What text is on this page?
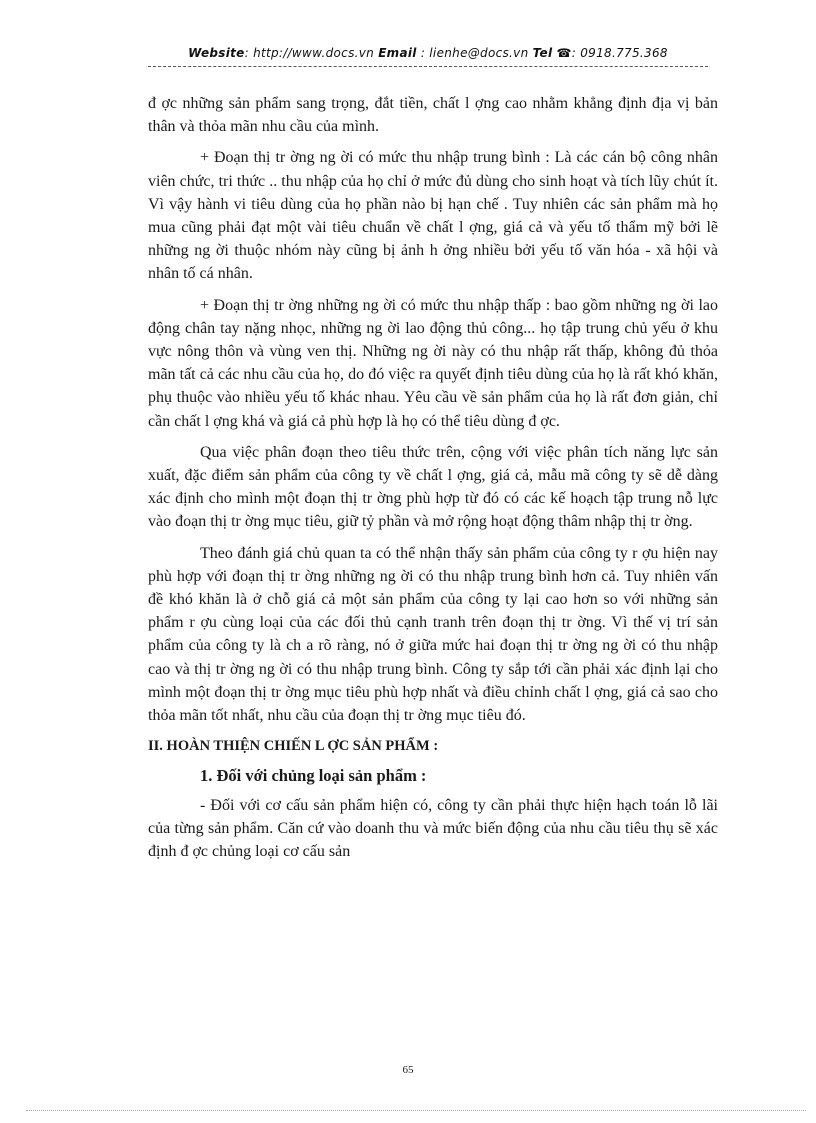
Website: http://www.docs.vn Email : lienhe@docs.vn Tel ☎: 0918.775.368

đ ợc những sản phẩm sang trọng, đắt tiền, chất l ợng cao nhằm khẳng định địa vị bản thân và thỏa mãn nhu cầu của mình.

+ Đoạn thị tr ờng ng ời có mức thu nhập trung bình : Là các cán bộ công nhân viên chức, tri thức .. thu nhập của họ chỉ ở mức đủ dùng cho sinh hoạt và tích lũy chút ít. Vì vậy hành vi tiêu dùng của họ phần nào bị hạn chế . Tuy nhiên các sản phẩm mà họ mua cũng phải đạt một vài tiêu chuẩn về chất l ợng, giá cả và yếu tố thẩm mỹ bởi lẽ những ng ời thuộc nhóm này cũng bị ảnh h ởng nhiều bởi yếu tố văn hóa - xã hội và nhân tố cá nhân.

+ Đoạn thị tr ờng những ng ời có mức thu nhập thấp : bao gồm những ng ời lao động chân tay nặng nhọc, những ng ời lao động thủ công... họ tập trung chủ yếu ở khu vực nông thôn và vùng ven thị. Những ng ời này có thu nhập rất thấp, không đủ thỏa mãn tất cả các nhu cầu của họ, do đó việc ra quyết định tiêu dùng của họ là rất khó khăn, phụ thuộc vào nhiều yếu tố khác nhau. Yêu cầu về sản phẩm của họ là rất đơn giản, chỉ cần chất l ợng khá và giá cả phù hợp là họ có thể tiêu dùng đ ợc.

Qua việc phân đoạn theo tiêu thức trên, cộng với việc phân tích năng lực sản xuất, đặc điểm sản phẩm của công ty về chất l ợng, giá cả, mẫu mã công ty sẽ dễ dàng xác định cho mình một đoạn thị tr ờng phù hợp từ đó có các kế hoạch tập trung nỗ lực vào đoạn thị tr ờng mục tiêu, giữ tỷ phần và mở rộng hoạt động thâm nhập thị tr ờng.

Theo đánh giá chủ quan ta có thể nhận thấy sản phẩm của công ty r ợu hiện nay phù hợp với đoạn thị tr ờng những ng ời có thu nhập trung bình hơn cả. Tuy nhiên vấn đề khó khăn là ở chỗ giá cả một sản phẩm của công ty lại cao hơn so với những sản phẩm r ợu cùng loại của các đối thủ cạnh tranh trên đoạn thị tr ờng. Vì thế vị trí sản phẩm của công ty là ch a rõ ràng, nó ở giữa mức hai đoạn thị tr ờng ng ời có thu nhập cao và thị tr ờng ng ời có thu nhập trung bình. Công ty sắp tới cần phải xác định lại cho mình một đoạn thị tr ờng mục tiêu phù hợp nhất và điều chỉnh chất l ợng, giá cả sao cho thỏa mãn tốt nhất, nhu cầu của đoạn thị tr ờng mục tiêu đó.

II. HOÀN THIỆN CHIẾN L ỢC SẢN PHẨM :

1. Đối với chủng loại sản phẩm :

- Đối với cơ cấu sản phẩm hiện có, công ty cần phải thực hiện hạch toán lỗ lãi của từng sản phẩm. Căn cứ vào doanh thu và mức biến động của nhu cầu tiêu thụ sẽ xác định đ ợc chủng loại cơ cấu sản

65
